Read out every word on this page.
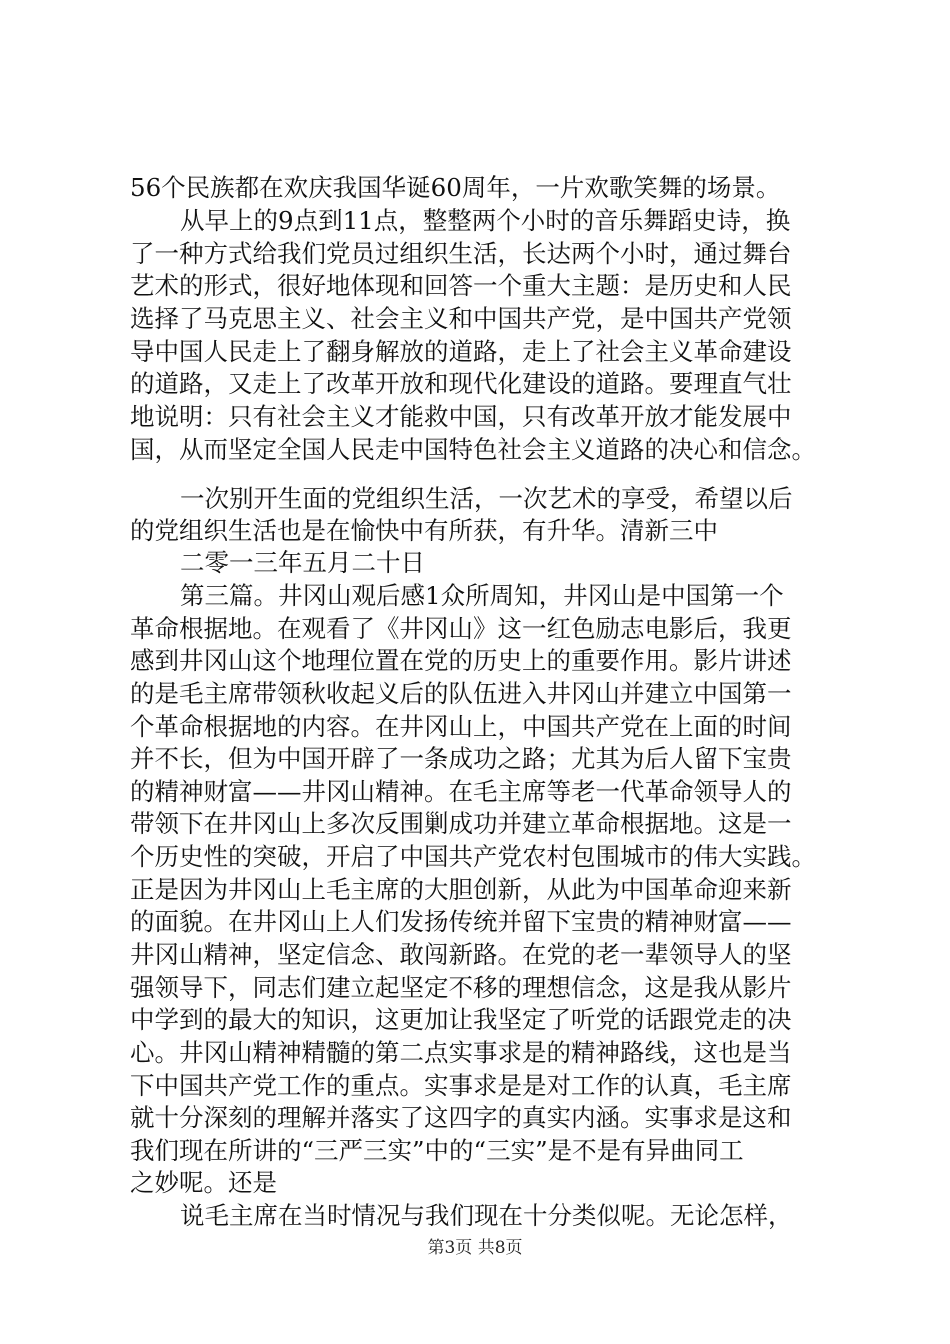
56个民族都在欢庆我国华诞60周年，一片欢歌笑舞的场景。
从早上的9点到11点，整整两个小时的音乐舞蹈史诗，换
了一种方式给我们党员过组织生活，长达两个小时，通过舞台
艺术的形式，很好地体现和回答一个重大主题：是历史和人民
选择了马克思主义、社会主义和中国共产党，是中国共产党领
导中国人民走上了翻身解放的道路，走上了社会主义革命建设
的道路，又走上了改革开放和现代化建设的道路。要理直气壮
地说明：只有社会主义才能救中国，只有改革开放才能发展中
国，从而坚定全国人民走中国特色社会主义道路的决心和信念。
一次别开生面的党组织生活，一次艺术的享受，希望以后
的党组织生活也是在愉快中有所获，有升华。清新三中
二零一三年五月二十日
第三篇。井冈山观后感1众所周知，井冈山是中国第一个
革命根据地。在观看了《井冈山》这一红色励志电影后，我更
感到井冈山这个地理位置在党的历史上的重要作用。影片讲述
的是毛主席带领秋收起义后的队伍进入井冈山并建立中国第一
个革命根据地的内容。在井冈山上，中国共产党在上面的时间
并不长，但为中国开辟了一条成功之路；尤其为后人留下宝贵
的精神财富——井冈山精神。在毛主席等老一代革命领导人的
带领下在井冈山上多次反围剿成功并建立革命根据地。这是一
个历史性的突破，开启了中国共产党农村包围城市的伟大实践。
正是因为井冈山上毛主席的大胆创新，从此为中国革命迎来新
的面貌。在井冈山上人们发扬传统并留下宝贵的精神财富——
井冈山精神，坚定信念、敢闯新路。在党的老一辈领导人的坚
强领导下，同志们建立起坚定不移的理想信念，这是我从影片
中学到的最大的知识，这更加让我坚定了听党的话跟党走的决
心。井冈山精神精髓的第二点实事求是的精神路线，这也是当
下中国共产党工作的重点。实事求是是对工作的认真，毛主席
就十分深刻的理解并落实了这四字的真实内涵。实事求是这和
我们现在所讲的“三严三实”中的“三实”是不是有异曲同工
之妙呢。还是
说毛主席在当时情况与我们现在十分类似呢。无论怎样，
第3页 共8页
